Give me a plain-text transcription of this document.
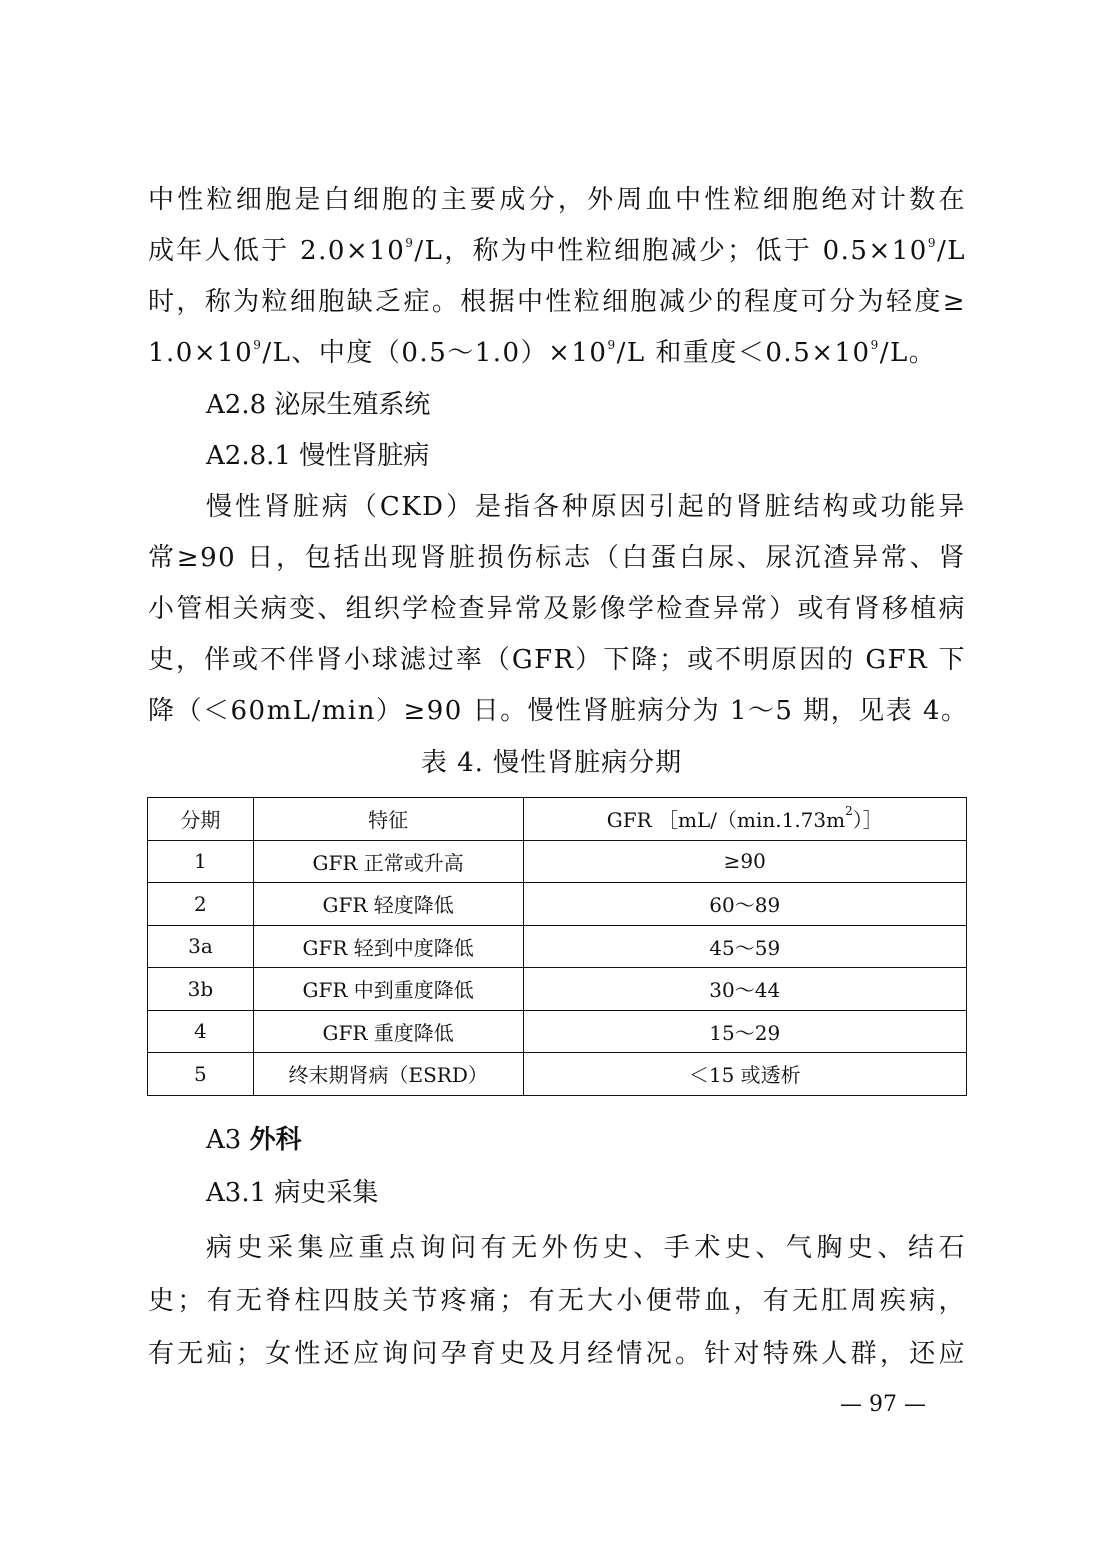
中性粒细胞是白细胞的主要成分，外周血中性粒细胞绝对计数在
成年人低于 $2.0\times 10^9/L$，称为中性粒细胞减少；低于 $0.5\times 10^9/L$
时，称为粒细胞缺乏症。根据中性粒细胞减少的程度可分为轻度≥
$1.0\times 10^9/L$、中度$(0.5\sim 1.0)\times 10^9/L$ 和重度$<0.5\times 10^9/L$。
A2.8 泌尿生殖系统
A2.8.1 慢性肾脏病
慢性肾脏病（CKD）是指各种原因引起的肾脏结构或功能异
常≥90 日，包括出现肾脏损伤标志（白蛋白尿、尿沉渣异常、肾
小管相关病变、组织学检查异常及影像学检查异常）或有肾移植病
史，伴或不伴肾小球滤过率（GFR）下降；或不明原因的 GFR 下
降（＜60mL/min）≥90 日。慢性肾脏病分为 1～5 期，见表 4。
表 4. 慢性肾脏病分期
分期	特征	GFR $[mL/(\min.1.73m^2)]$
1	GFR 正常或升高	≥90
2	GFR 轻度降低	60～89
3a	GFR 轻到中度降低	45～59
3b	GFR 中到重度降低	30～44
4	GFR 重度降低	15～29
5	终末期肾病（ESRD）	＜15 或透析
A3 外科
A3.1 病史采集
病史采集应重点询问有无外伤史、手术史、气胸史、结石
史；有无脊柱四肢关节疼痛；有无大小便带血，有无肛周疾病，
有无疝；女性还应询问孕育史及月经情况。针对特殊人群，还应
— 97 —
